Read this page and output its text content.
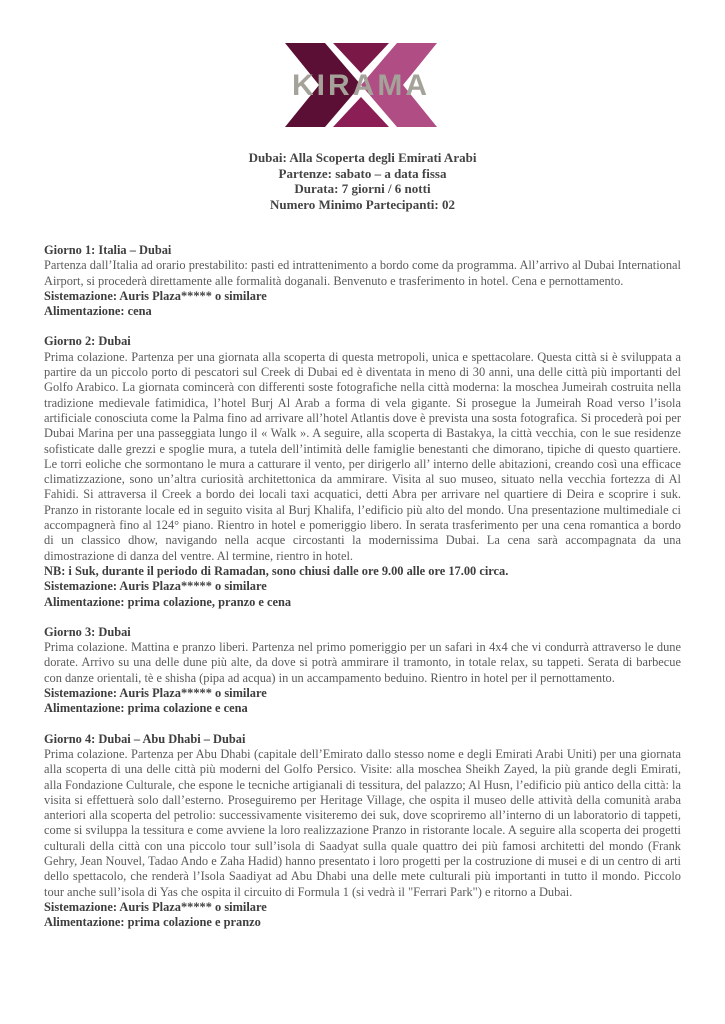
KIRAMA
Dubai: Alla Scoperta degli Emirati Arabi
Partenze: sabato – a data fissa
Durata: 7 giorni / 6 notti
Numero Minimo Partecipanti: 02
Giorno 1: Italia – Dubai
Partenza dall’Italia ad orario prestabilito: pasti ed intrattenimento a bordo come da programma. All’arrivo al Dubai International Airport, si procederà direttamente alle formalità doganali. Benvenuto e trasferimento in hotel. Cena e pernottamento.
Sistemazione: Auris Plaza***** o similare
Alimentazione: cena
Giorno 2: Dubai
Prima colazione. Partenza per una giornata alla scoperta di questa metropoli, unica e spettacolare. Questa città si è sviluppata a partire da un piccolo porto di pescatori sul Creek di Dubai ed è diventata in meno di 30 anni, una delle città più importanti del Golfo Arabico. La giornata comincerà con differenti soste fotografiche nella città moderna: la moschea Jumeirah costruita nella tradizione medievale fatimidica, l’hotel Burj Al Arab a forma di vela gigante. Si prosegue la Jumeirah Road verso l’isola artificiale conosciuta come la Palma fino ad arrivare all’hotel Atlantis dove è prevista una sosta fotografica. Si procederà poi per Dubai Marina per una passeggiata lungo il « Walk ». A seguire, alla scoperta di Bastakya, la città vecchia, con le sue residenze sofisticate dalle grezzi e spoglie mura, a tutela dell’intimità delle famiglie benestanti che dimorano, tipiche di questo quartiere. Le torri eoliche che sormontano le mura a catturare il vento, per dirigerlo all’ interno delle abitazioni, creando così una efficace climatizzazione, sono un’altra curiosità architettonica da ammirare. Visita al suo museo, situato nella vecchia fortezza di Al Fahidi. Si attraversa il Creek a bordo dei locali taxi acquatici, detti Abra per arrivare nel quartiere di Deira e scoprire i suk. Pranzo in ristorante locale ed in seguito visita al Burj Khalifa, l’edificio più alto del mondo. Una presentazione multimediale ci accompagnerà fino al 124° piano. Rientro in hotel e pomeriggio libero. In serata trasferimento per una cena romantica a bordo di un classico dhow, navigando nella acque circostanti la modernissima Dubai. La cena sarà accompagnata da una dimostrazione di danza del ventre. Al termine, rientro in hotel.
NB: i Suk, durante il periodo di Ramadan, sono chiusi dalle ore 9.00 alle ore 17.00 circa.
Sistemazione: Auris Plaza***** o similare
Alimentazione: prima colazione, pranzo e cena
Giorno 3: Dubai
Prima colazione. Mattina e pranzo liberi. Partenza nel primo pomeriggio per un safari in 4x4 che vi condurrà attraverso le dune dorate. Arrivo su una delle dune più alte, da dove si potrà ammirare il tramonto, in totale relax, su tappeti. Serata di barbecue con danze orientali, tè e shisha (pipa ad acqua) in un accampamento beduino. Rientro in hotel per il pernottamento.
Sistemazione: Auris Plaza***** o similare
Alimentazione: prima colazione e cena
Giorno 4: Dubai – Abu Dhabi – Dubai
Prima colazione. Partenza per Abu Dhabi (capitale dell’Emirato dallo stesso nome e degli Emirati Arabi Uniti) per una giornata alla scoperta di una delle città più moderni del Golfo Persico. Visite: alla moschea Sheikh Zayed, la più grande degli Emirati, alla Fondazione Culturale, che espone le tecniche artigianali di tessitura, del palazzo; Al Husn, l’edificio più antico della città: la visita si effettuerà solo dall’esterno. Proseguiremo per Heritage Village, che ospita il museo delle attività della comunità araba anteriori alla scoperta del petrolio: successivamente visiteremo dei suk, dove scopriremo all’interno di un laboratorio di tappeti, come si sviluppa la tessitura e come avviene la loro realizzazione Pranzo in ristorante locale. A seguire alla scoperta dei progetti culturali della città con una piccolo tour sull’isola di Saadyat sulla quale quattro dei più famosi architetti del mondo (Frank Gehry, Jean Nouvel, Tadao Ando e Zaha Hadid) hanno presentato i loro progetti per la costruzione di musei e di un centro di arti dello spettacolo, che renderà l’Isola Saadiyat ad Abu Dhabi una delle mete culturali più importanti in tutto il mondo. Piccolo tour anche sull’isola di Yas che ospita il circuito di Formula 1 (si vedrà il "Ferrari Park") e ritorno a Dubai.
Sistemazione: Auris Plaza***** o similare
Alimentazione: prima colazione e pranzo
